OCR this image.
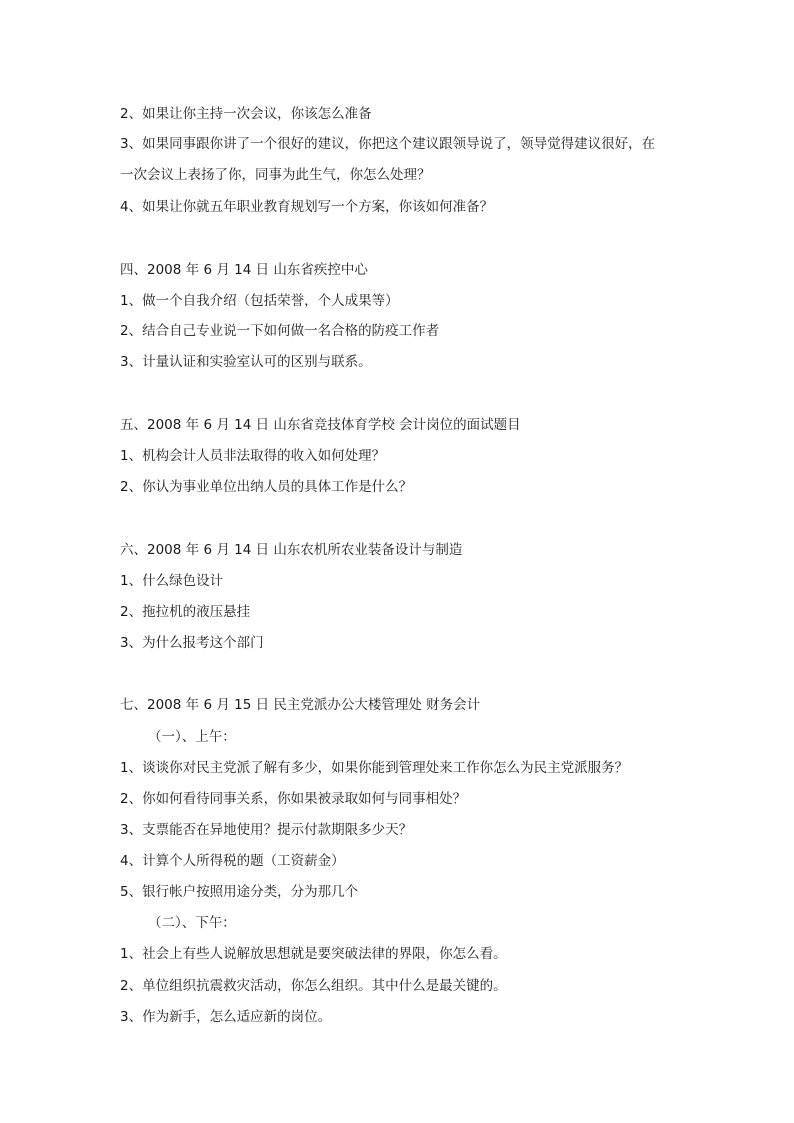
2、如果让你主持一次会议，你该怎么准备
3、如果同事跟你讲了一个很好的建议，你把这个建议跟领导说了，领导觉得建议很好，在
一次会议上表扬了你，同事为此生气，你怎么处理？
4、如果让你就五年职业教育规划写一个方案，你该如何准备？
四、2008 年 6 月 14 日 山东省疾控中心
1、做一个自我介绍（包括荣誉，个人成果等）
2、结合自己专业说一下如何做一名合格的防疫工作者
3、计量认证和实验室认可的区别与联系。
五、2008 年 6 月 14 日 山东省竞技体育学校 会计岗位的面试题目
1、机构会计人员非法取得的收入如何处理？
2、你认为事业单位出纳人员的具体工作是什么？
六、2008 年 6 月 14 日 山东农机所农业装备设计与制造
1、什么绿色设计
2、拖拉机的液压悬挂
3、为什么报考这个部门
七、2008 年 6 月 15 日 民主党派办公大楼管理处 财务会计
（一）、上午：
1、谈谈你对民主党派了解有多少，如果你能到管理处来工作你怎么为民主党派服务？
2、你如何看待同事关系，你如果被录取如何与同事相处？
3、支票能否在异地使用？提示付款期限多少天？
4、计算个人所得税的题（工资薪金）
5、银行帐户按照用途分类，分为那几个
（二）、下午：
1、社会上有些人说解放思想就是要突破法律的界限，你怎么看。
2、单位组织抗震救灾活动，你怎么组织。其中什么是最关键的。
3、作为新手，怎么适应新的岗位。
